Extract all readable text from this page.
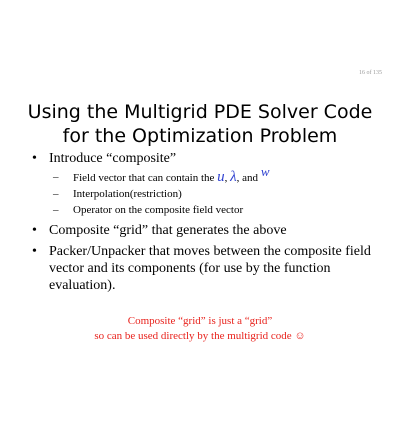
16 of 135
Using the Multigrid PDE Solver Code
for the Optimization Problem
• Introduce “composite”
– Field vector that can contain the u, λ, and w
– Interpolation(restriction)
– Operator on the composite field vector
• Composite “grid” that generates the above
• Packer/Unpacker that moves between the composite field vector and its components (for use by the function evaluation).
Composite “grid” is just a “grid”
so can be used directly by the multigrid code ☺
